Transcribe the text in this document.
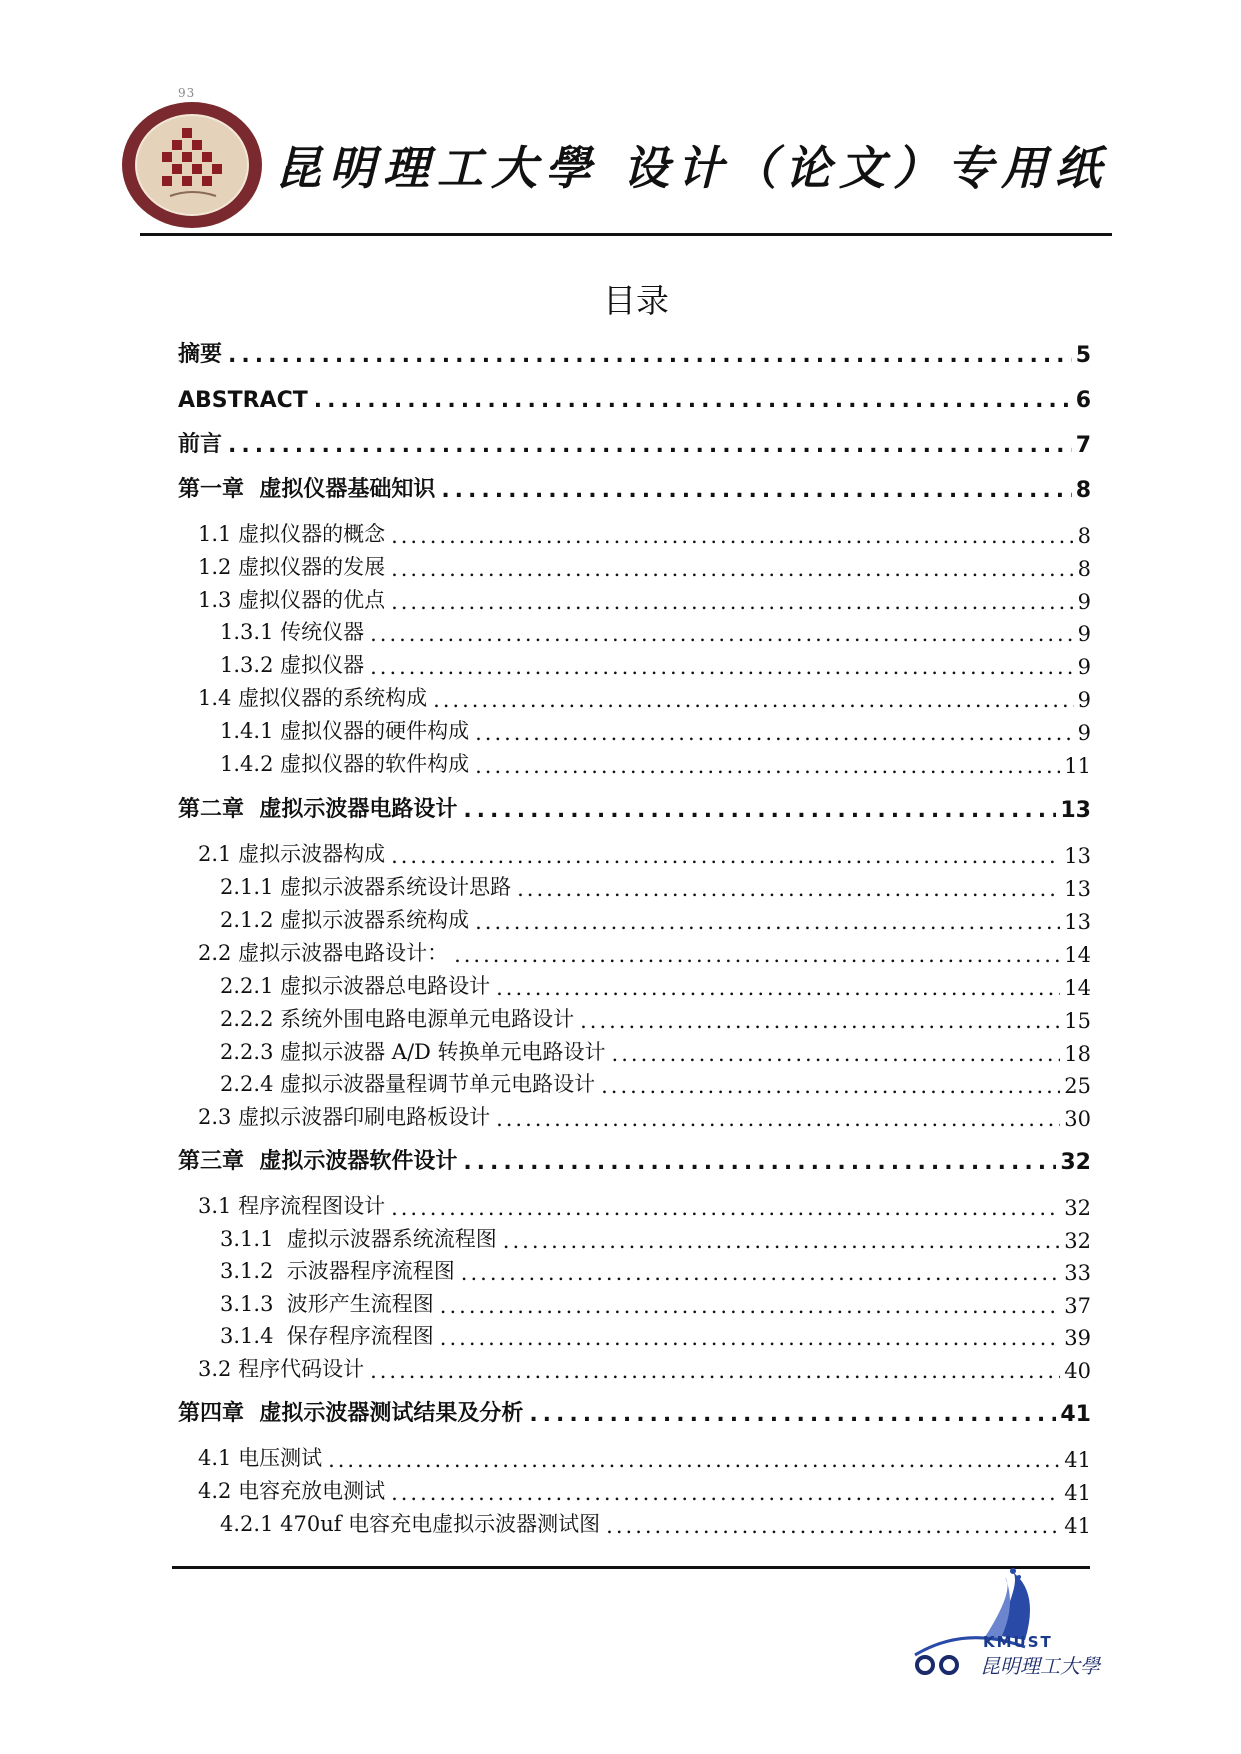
93
昆明理工大學 设计（论文）专用纸
目录
摘要 .....	5
ABSTRACT .....	6
前言 .....	7
第一章  虚拟仪器基础知识 .....	8
1.1 虚拟仪器的概念 .....	8
1.2 虚拟仪器的发展 .....	8
1.3 虚拟仪器的优点 .....	9
1.3.1 传统仪器 .....	9
1.3.2 虚拟仪器 .....	9
1.4 虚拟仪器的系统构成 .....	9
1.4.1 虚拟仪器的硬件构成 .....	9
1.4.2 虚拟仪器的软件构成 .....	11
第二章  虚拟示波器电路设计 .....	13
2.1 虚拟示波器构成 .....	13
2.1.1 虚拟示波器系统设计思路 .....	13
2.1.2 虚拟示波器系统构成 .....	13
2.2 虚拟示波器电路设计： .....	14
2.2.1 虚拟示波器总电路设计 .....	14
2.2.2 系统外围电路电源单元电路设计 .....	15
2.2.3 虚拟示波器 A/D 转换单元电路设计 .....	18
2.2.4 虚拟示波器量程调节单元电路设计 .....	25
2.3 虚拟示波器印刷电路板设计 .....	30
第三章  虚拟示波器软件设计 .....	32
3.1 程序流程图设计 .....	32
3.1.1  虚拟示波器系统流程图 .....	32
3.1.2  示波器程序流程图 .....	33
3.1.3  波形产生流程图 .....	37
3.1.4  保存程序流程图 .....	39
3.2 程序代码设计 .....	40
第四章  虚拟示波器测试结果及分析 .....	41
4.1 电压测试 .....	41
4.2 电容充放电测试 .....	41
4.2.1 470uf 电容充电虚拟示波器测试图 .....	41
KMUST
昆明理工大學
